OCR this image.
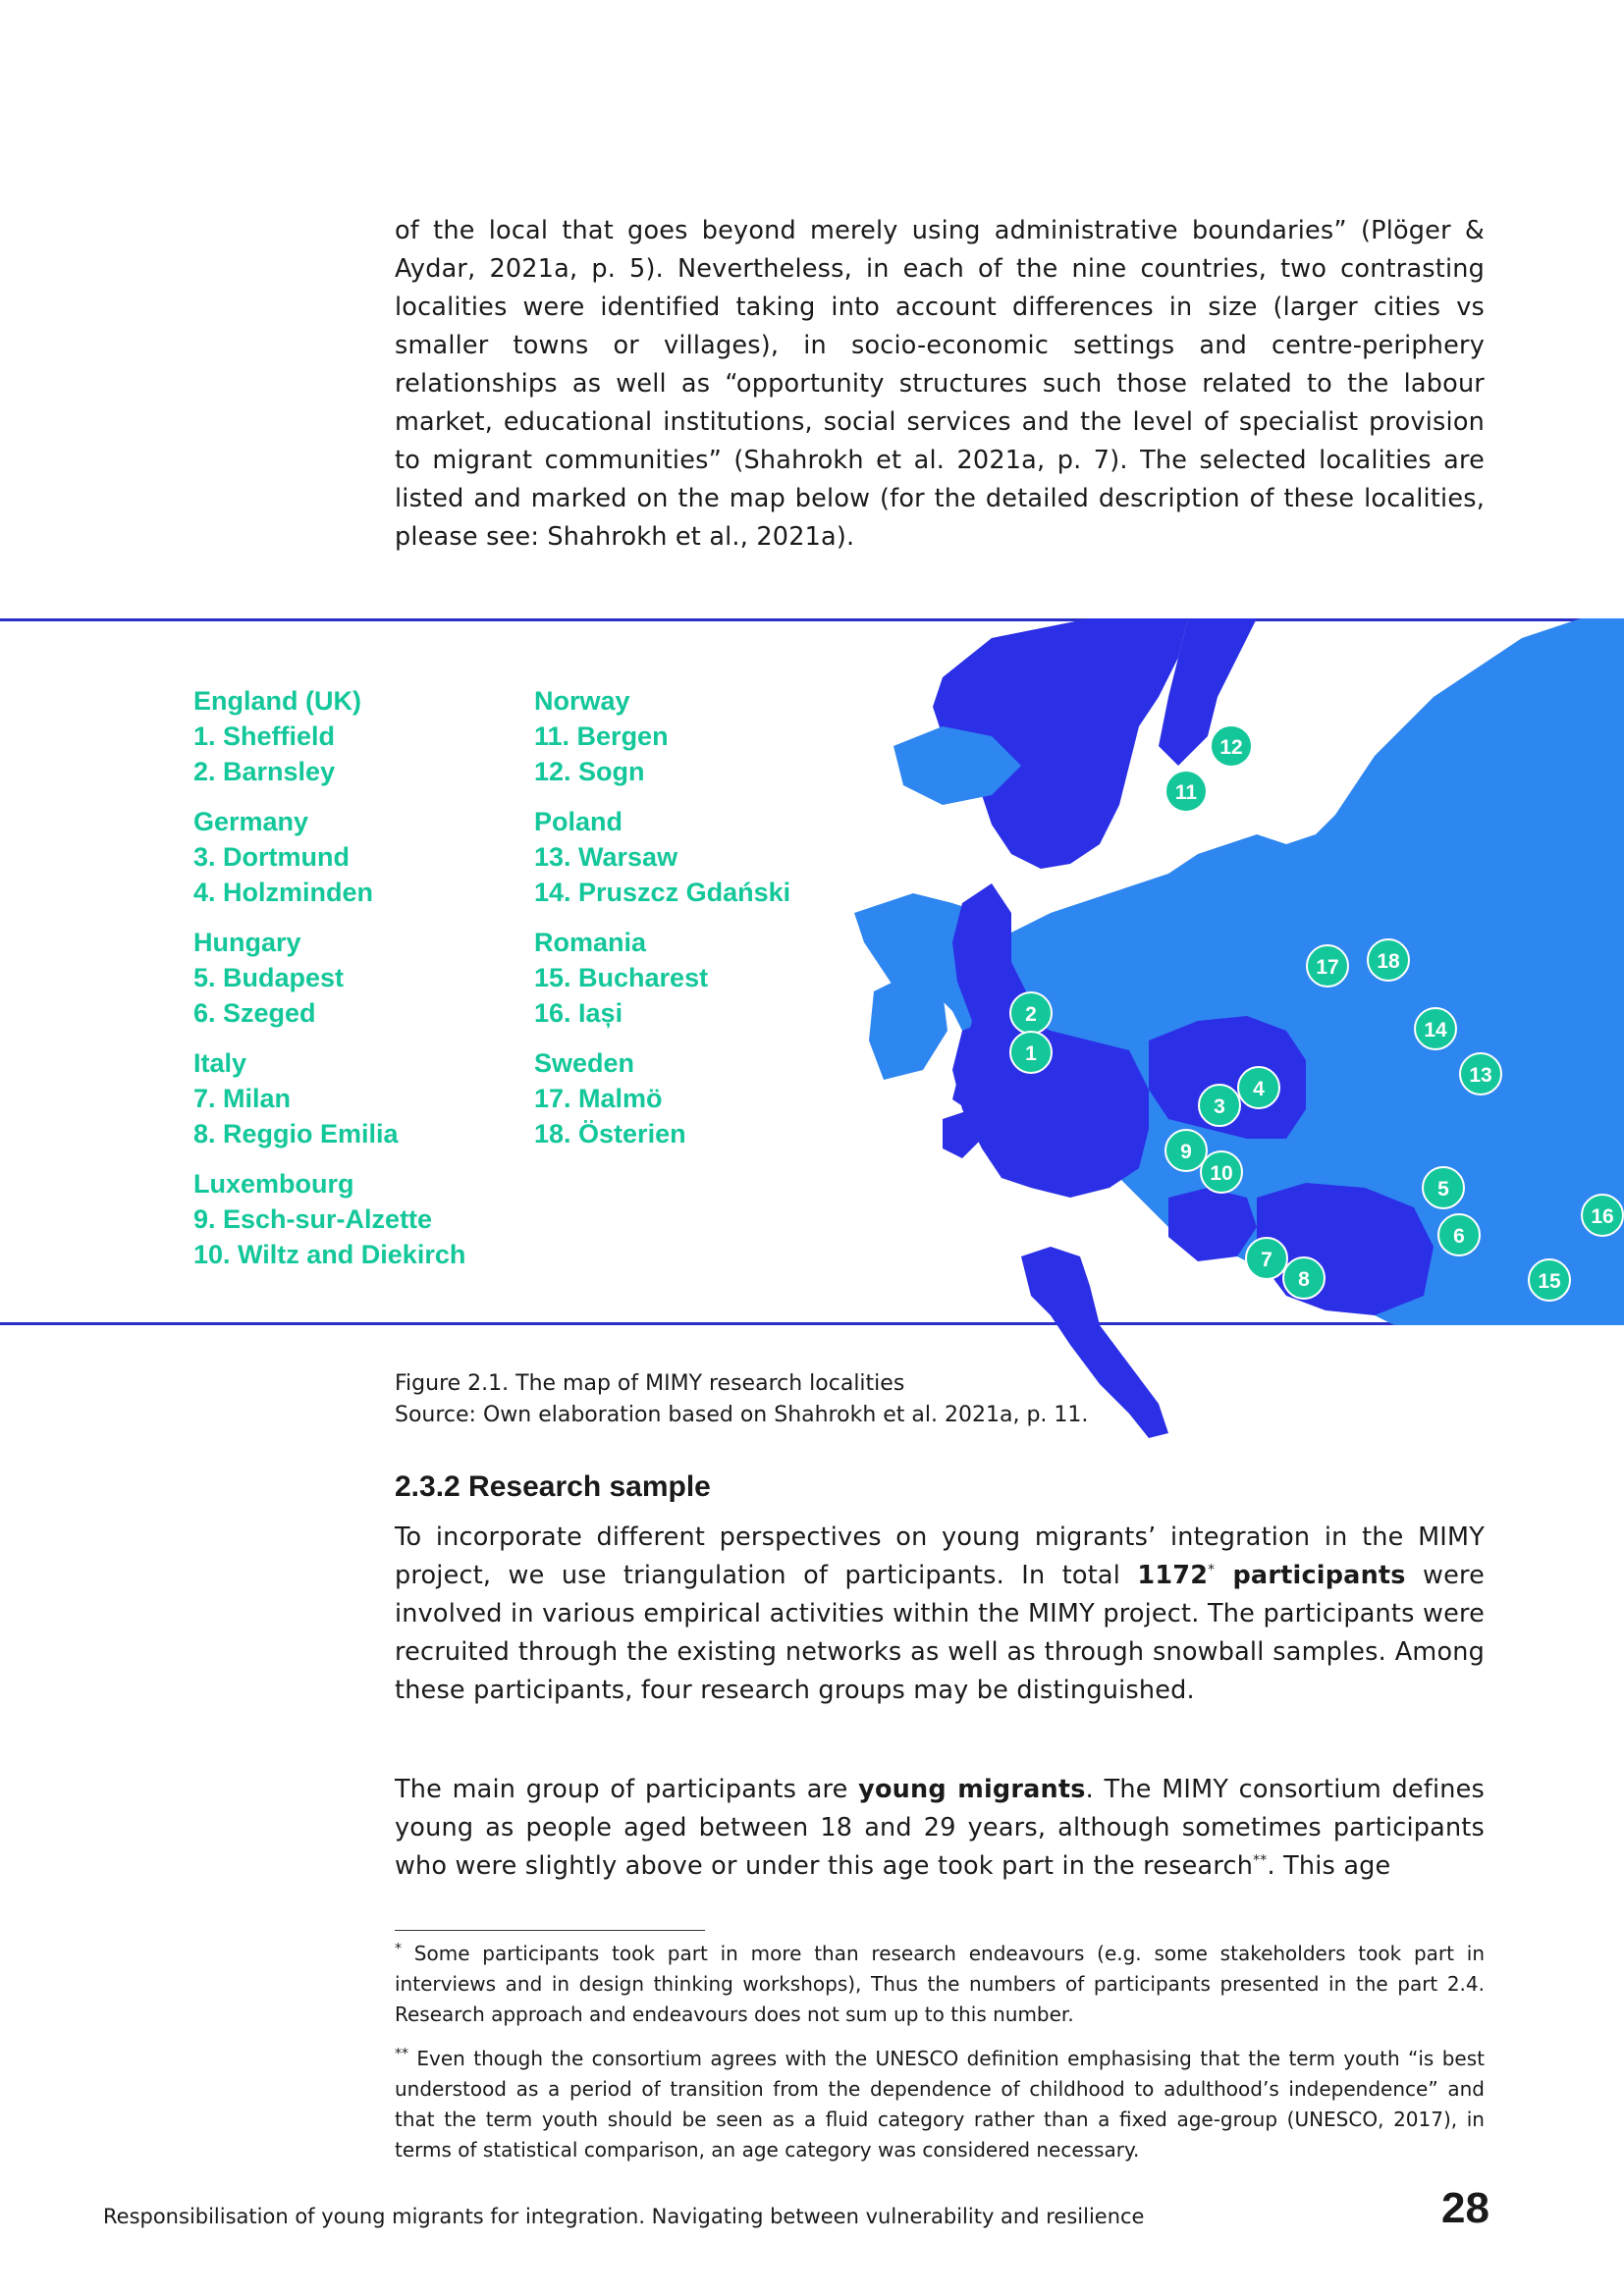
of the local that goes beyond merely using administrative boundaries” (Plöger & Aydar, 2021a, p. 5). Nevertheless, in each of the nine countries, two contrasting localities were identified taking into account differences in size (larger cities vs smaller towns or villages), in socio-economic settings and centre-periphery relationships as well as “opportunity structures such those related to the labour market, educational institutions, social services and the level of specialist provision to migrant communities” (Shahrokh et al. 2021a, p. 7). The selected localities are listed and marked on the map below (for the detailed description of these localities, please see: Shahrokh et al., 2021a).

2
1
3
4
5
6
7
8
9
10
11
12
13
14
15
16
17	18
England (UK)
1. Sheffield
2. Barnsley
Germany
3. Dortmund
4. Holzminden
Hungary
5. Budapest
6. Szeged
Italy
7. Milan
8. Reggio Emilia
Luxembourg
9. Esch-sur-Alzette
10. Wiltz and Diekirch
Norway
11. Bergen
12. Sogn
Poland
13. Warsaw
14. Pruszcz Gdański
Romania
15. Bucharest
16. Iași
Sweden
17. Malmö
18. Österien
Figure 2.1. The map of MIMY research localities
Source: Own elaboration based on Shahrokh et al. 2021a, p. 11.
2.3.2 Research sample

To incorporate different perspectives on young migrants’ integration in the MIMY project, we use triangulation of participants. In total 1172* participants were involved in various empirical activities within the MIMY project. The participants were recruited through the existing networks as well as through snowball samples. Among these participants, four research groups may be distinguished.

The main group of participants are young migrants. The MIMY consortium defines young as people aged between 18 and 29 years, although sometimes participants who were slightly above or under this age took part in the research**. This age

* Some participants took part in more than research endeavours (e.g. some stakeholders took part in interviews and in design thinking workshops), Thus the numbers of participants presented in the part 2.4. Research approach and endeavours does not sum up to this number.

** Even though the consortium agrees with the UNESCO definition emphasising that the term youth “is best understood as a period of transition from the dependence of childhood to adulthood’s independence” and that the term youth should be seen as a fluid category rather than a fixed age-group (UNESCO, 2017), in terms of statistical comparison, an age category was considered necessary.

Responsibilisation of young migrants for integration. Navigating between vulnerability and resilience	28
